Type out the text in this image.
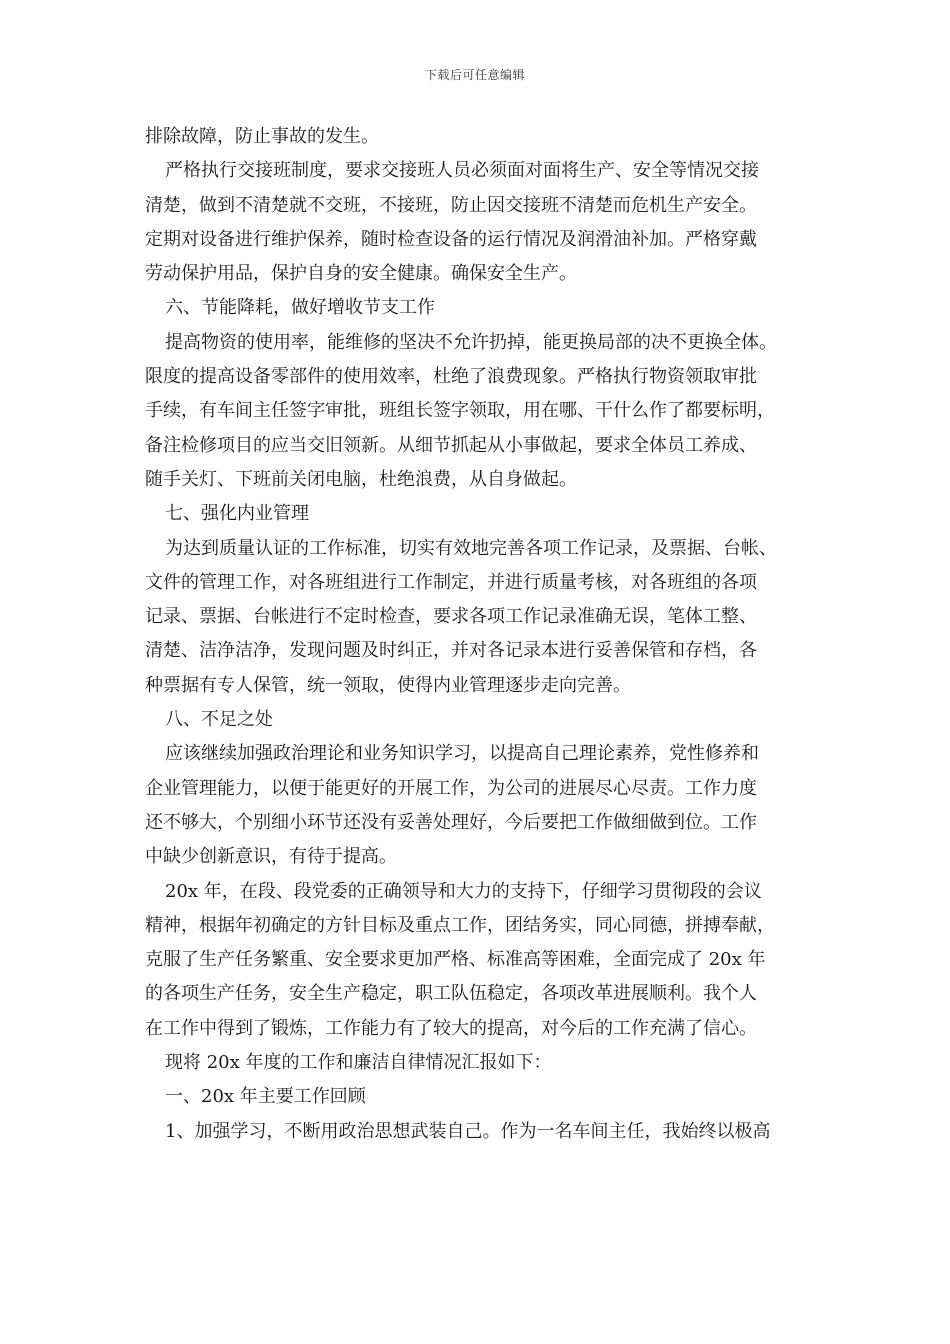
下载后可任意编辑
排除故障，防止事故的发生。
严格执行交接班制度，要求交接班人员必须面对面将生产、安全等情况交接
清楚，做到不清楚就不交班，不接班，防止因交接班不清楚而危机生产安全。
定期对设备进行维护保养，随时检查设备的运行情况及润滑油补加。严格穿戴
劳动保护用品，保护自身的安全健康。确保安全生产。
六、节能降耗，做好增收节支工作
提高物资的使用率，能维修的坚决不允许扔掉，能更换局部的决不更换全体。
限度的提高设备零部件的使用效率，杜绝了浪费现象。严格执行物资领取审批
手续，有车间主任签字审批，班组长签字领取，用在哪、干什么作了都要标明，
备注检修项目的应当交旧领新。从细节抓起从小事做起，要求全体员工养成、
随手关灯、下班前关闭电脑，杜绝浪费，从自身做起。
七、强化内业管理
为达到质量认证的工作标准，切实有效地完善各项工作记录，及票据、台帐、
文件的管理工作，对各班组进行工作制定，并进行质量考核，对各班组的各项
记录、票据、台帐进行不定时检查，要求各项工作记录准确无误，笔体工整、
清楚、洁净洁净，发现问题及时纠正，并对各记录本进行妥善保管和存档，各
种票据有专人保管，统一领取，使得内业管理逐步走向完善。
八、不足之处
应该继续加强政治理论和业务知识学习，以提高自己理论素养，党性修养和
企业管理能力，以便于能更好的开展工作，为公司的进展尽心尽责。工作力度
还不够大，个别细小环节还没有妥善处理好，今后要把工作做细做到位。工作
中缺少创新意识，有待于提高。
20x 年，在段、段党委的正确领导和大力的支持下，仔细学习贯彻段的会议
精神，根据年初确定的方针目标及重点工作，团结务实，同心同德，拼搏奉献，
克服了生产任务繁重、安全要求更加严格、标准高等困难，全面完成了 20x 年
的各项生产任务，安全生产稳定，职工队伍稳定，各项改革进展顺利。我个人
在工作中得到了锻炼，工作能力有了较大的提高，对今后的工作充满了信心。
现将 20x 年度的工作和廉洁自律情况汇报如下：
一、20x 年主要工作回顾
1、加强学习，不断用政治思想武装自己。作为一名车间主任，我始终以极高
